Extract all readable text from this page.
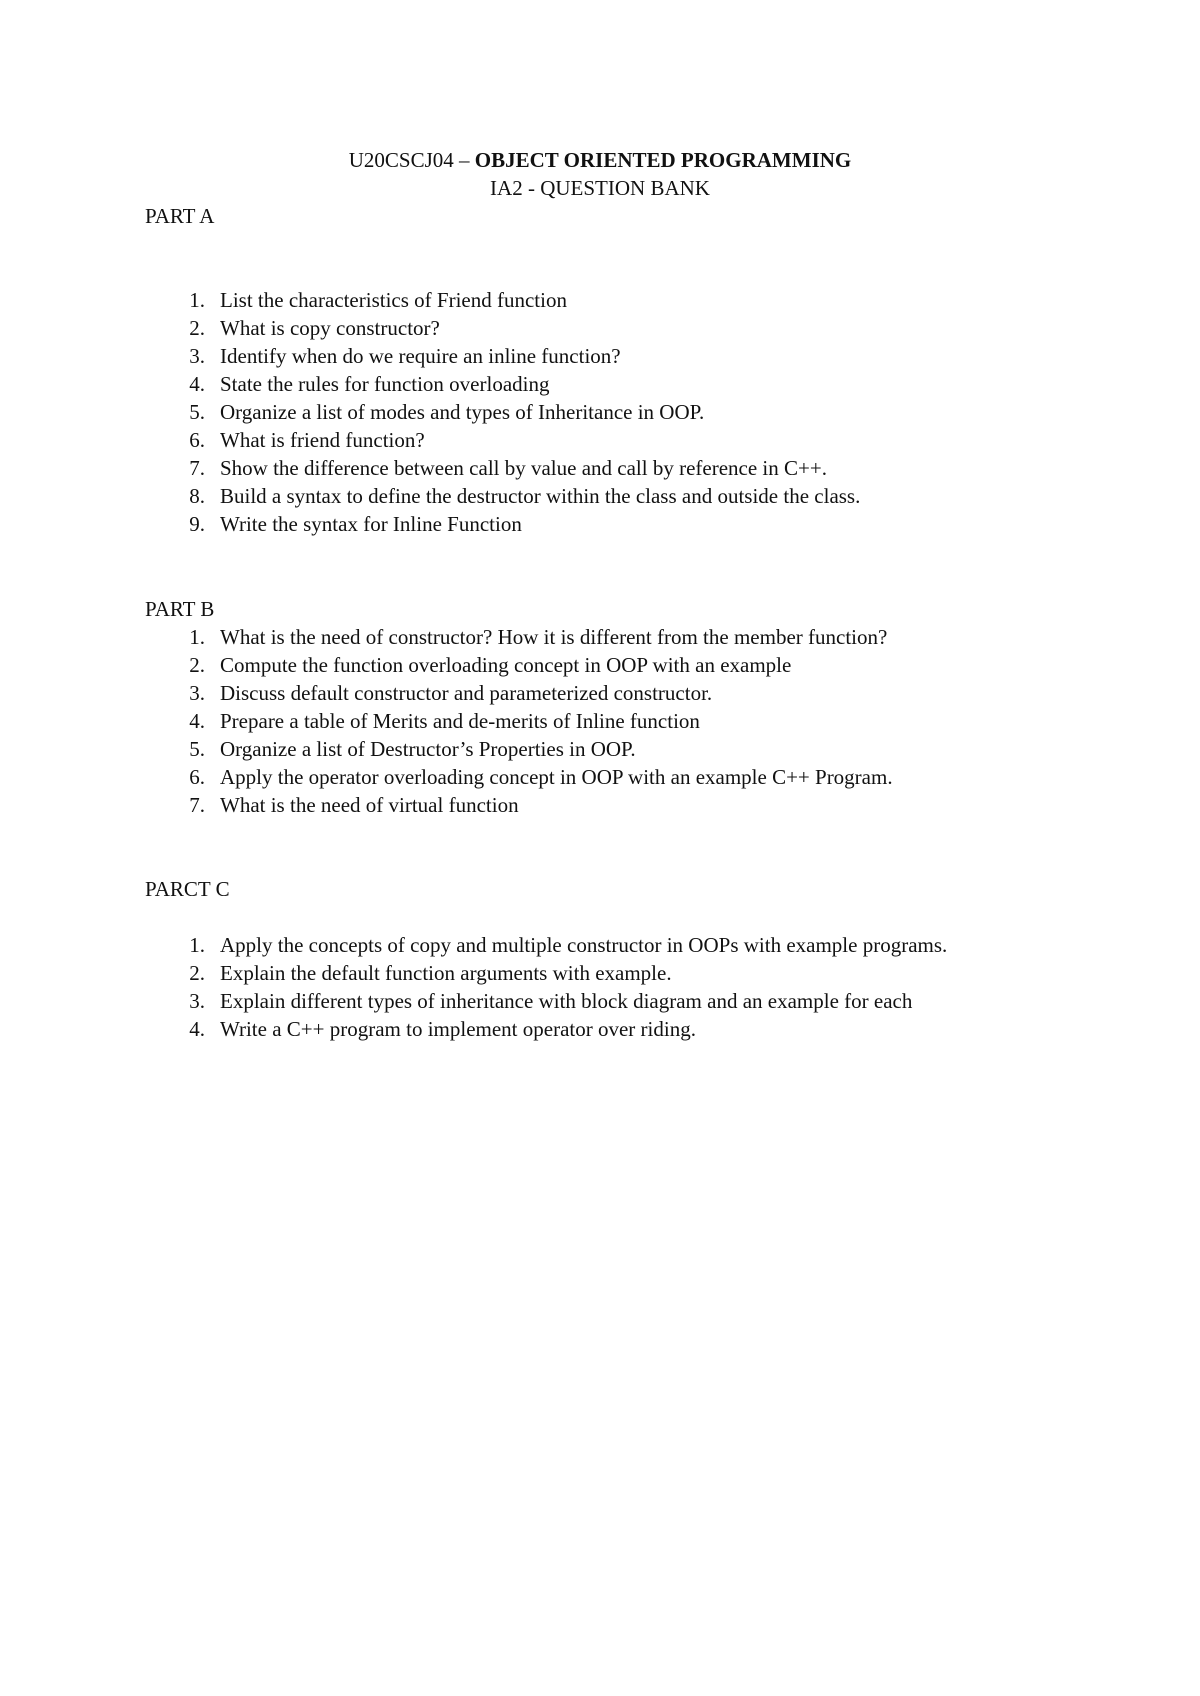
U20CSCJ04 – OBJECT ORIENTED PROGRAMMING
IA2 - QUESTION BANK
PART A
1. List the characteristics of Friend function
2. What is copy constructor?
3. Identify when do we require an inline function?
4. State the rules for function overloading
5. Organize a list of modes and types of Inheritance in OOP.
6. What is friend function?
7. Show the difference between call by value and call by reference in C++.
8. Build a syntax to define the destructor within the class and outside the class.
9. Write the syntax for Inline Function
PART B
1. What is the need of constructor? How it is different from the member function?
2. Compute the function overloading concept in OOP with an example
3. Discuss default constructor and parameterized constructor.
4. Prepare a table of Merits and de-merits of Inline function
5. Organize a list of Destructor’s Properties in OOP.
6. Apply the operator overloading concept in OOP with an example C++ Program.
7. What is the need of virtual function
PARCT C
1. Apply the concepts of copy and multiple constructor in OOPs with example programs.
2. Explain the default function arguments with example.
3. Explain different types of inheritance with block diagram and an example for each
4. Write a C++ program to implement operator over riding.
